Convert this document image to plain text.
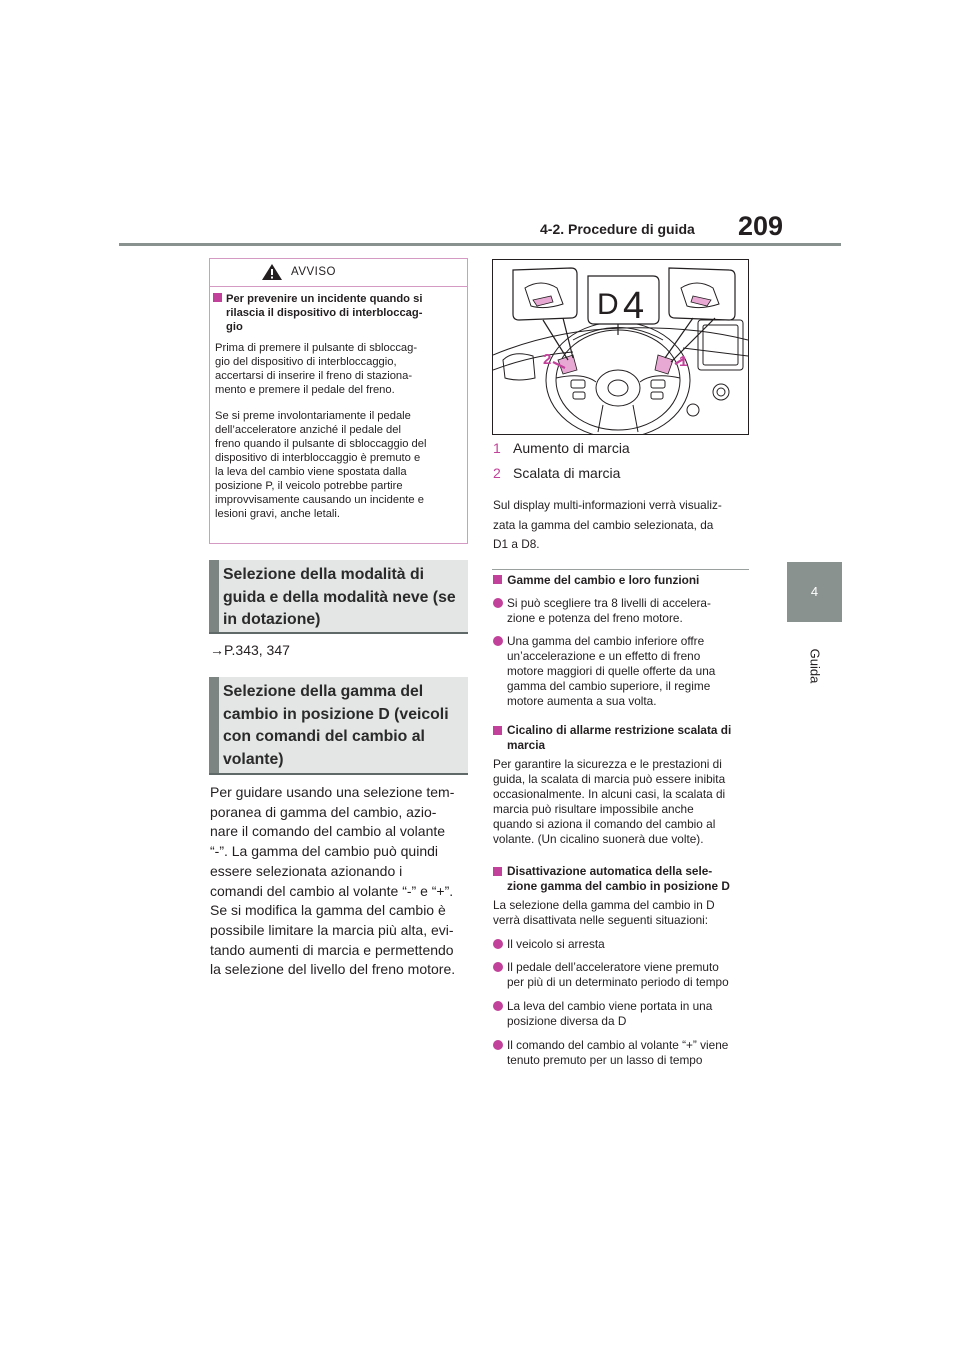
4-2. Procedure di guida 209
4
Guida
AVVISO
Per prevenire un incidente quando si
rilascia il dispositivo di interbloccag-
gio
Prima di premere il pulsante di sbloccag-
gio del dispositivo di interbloccaggio,
accertarsi di inserire il freno di staziona-
mento e premere il pedale del freno.
Se si preme involontariamente il pedale
dell’acceleratore anziché il pedale del
freno quando il pulsante di sbloccaggio del
dispositivo di interbloccaggio è premuto e
la leva del cambio viene spostata dalla
posizione P, il veicolo potrebbe partire
improvvisamente causando un incidente e
lesioni gravi, anche letali.
Selezione della modalità di
guida e della modalità neve (se
in dotazione)
→P.343, 347
Selezione della gamma del
cambio in posizione D (veicoli
con comandi del cambio al
volante)
Per guidare usando una selezione tem-
poranea di gamma del cambio, azio-
nare il comando del cambio al volante
“-”. La gamma del cambio può quindi
essere selezionata azionando i
comandi del cambio al volante “-” e “+”.
Se si modifica la gamma del cambio è
possibile limitare la marcia più alta, evi-
tando aumenti di marcia e permettendo
la selezione del livello del freno motore.
D 4
2	1
1 Aumento di marcia
2 Scalata di marcia
Sul display multi-informazioni verrà visualiz-
zata la gamma del cambio selezionata, da
D1 a D8.
Gamme del cambio e loro funzioni
Si può scegliere tra 8 livelli di accelera-
zione e potenza del freno motore.
Una gamma del cambio inferiore offre
un’accelerazione e un effetto di freno
motore maggiori di quelle offerte da una
gamma del cambio superiore, il regime
motore aumenta a sua volta.
Cicalino di allarme restrizione scalata di
marcia
Per garantire la sicurezza e le prestazioni di
guida, la scalata di marcia può essere inibita
occasionalmente. In alcuni casi, la scalata di
marcia può risultare impossibile anche
quando si aziona il comando del cambio al
volante. (Un cicalino suonerà due volte).
Disattivazione automatica della sele-
zione gamma del cambio in posizione D
La selezione della gamma del cambio in D
verrà disattivata nelle seguenti situazioni:
Il veicolo si arresta
Il pedale dell’acceleratore viene premuto
per più di un determinato periodo di tempo
La leva del cambio viene portata in una
posizione diversa da D
Il comando del cambio al volante “+” viene
tenuto premuto per un lasso di tempo
